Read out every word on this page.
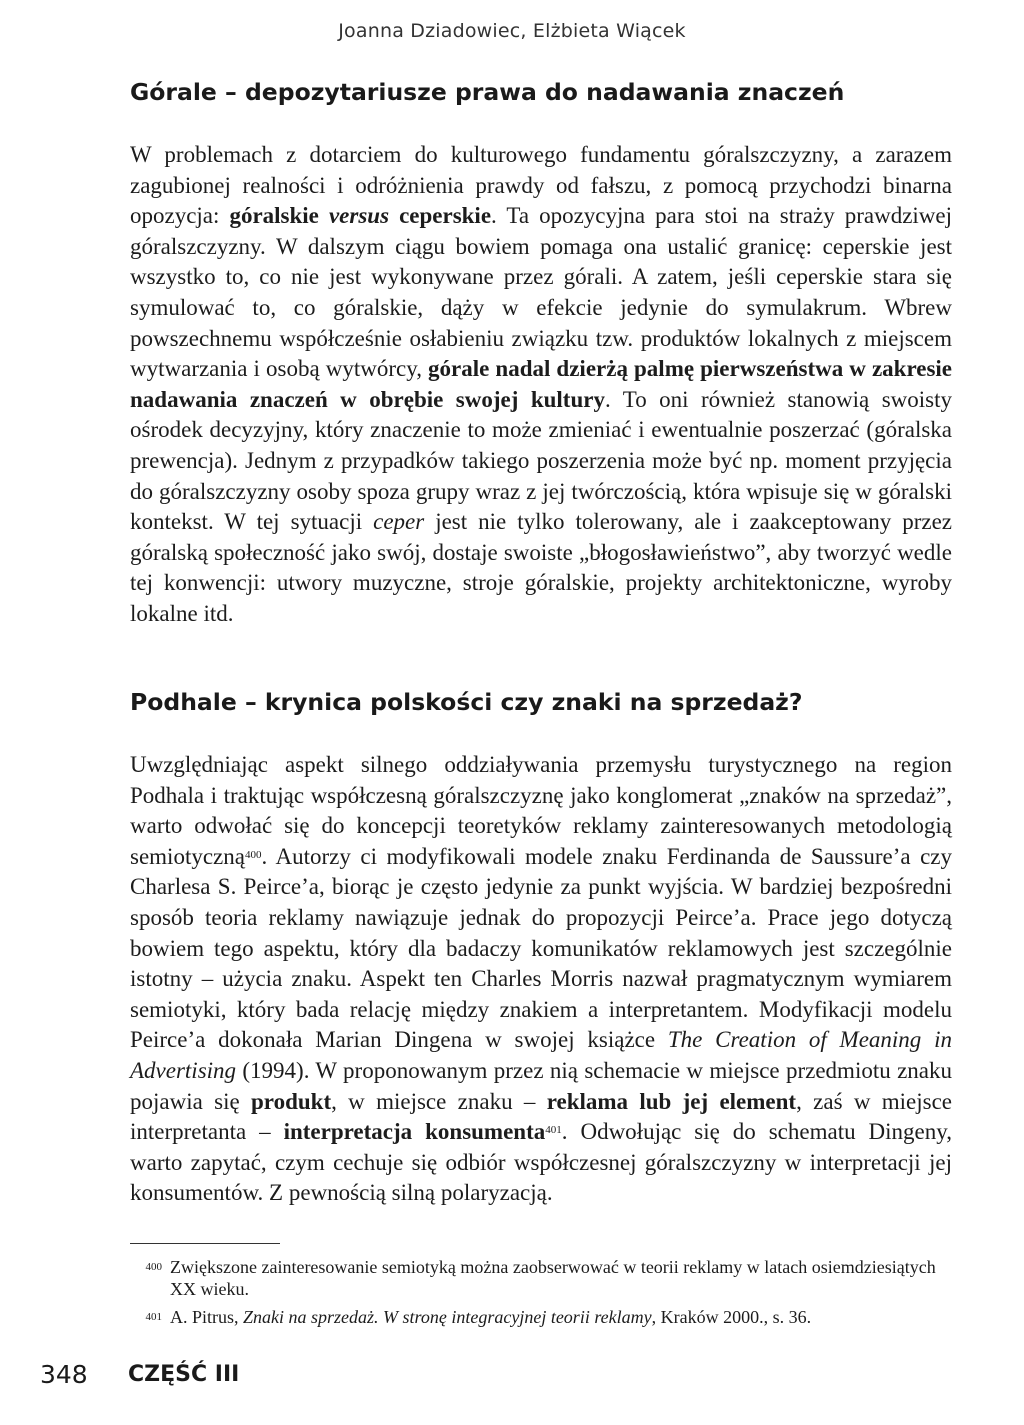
Joanna Dziadowiec, Elżbieta Wiącek
Górale – depozytariusze prawa do nadawania znaczeń

W problemach z dotarciem do kulturowego fundamentu góralszczyzny, a zarazem zagubionej realności i odróżnienia prawdy od fałszu, z pomocą przychodzi binarna opozycja: góralskie versus ceperskie. Ta opozycyjna para stoi na straży prawdziwej góralszczyzny. W dalszym ciągu bowiem pomaga ona ustalić granicę: ceperskie jest wszystko to, co nie jest wykonywane przez górali. A zatem, jeśli ceperskie stara się symulować to, co góralskie, dąży w efekcie jedynie do symulakrum. Wbrew powszechnemu współcześnie osłabieniu związku tzw. produktów lokalnych z miejscem wytwarzania i osobą wytwórcy, górale nadal dzierżą palmę pierwszeństwa w zakresie nadawania znaczeń w obrębie swojej kultury. To oni również stanowią swoisty ośrodek decyzyjny, który znaczenie to może zmieniać i ewentualnie poszerzać (góralska prewencja). Jednym z przypadków takiego poszerzenia może być np. moment przyjęcia do góralszczyzny osoby spoza grupy wraz z jej twórczością, która wpisuje się w góralski kontekst. W tej sytuacji ceper jest nie tylko tolerowany, ale i zaakceptowany przez góralską społeczność jako swój, dostaje swoiste „błogosławieństwo”, aby tworzyć wedle tej konwencji: utwory muzyczne, stroje góralskie, projekty architektoniczne, wyroby lokalne itd.

Podhale – krynica polskości czy znaki na sprzedaż?

Uwzględniając aspekt silnego oddziaływania przemysłu turystycznego na region Podhala i traktując współczesną góralszczyznę jako konglomerat „znaków na sprzedaż”, warto odwołać się do koncepcji teoretyków reklamy zainteresowanych metodologią semiotyczną$^{400}$. Autorzy ci modyfikowali modele znaku Ferdinanda de Saussure’a czy Charlesa S. Peirce’a, biorąc je często jedynie za punkt wyjścia. W bardziej bezpośredni sposób teoria reklamy nawiązuje jednak do propozycji Peirce’a. Prace jego dotyczą bowiem tego aspektu, który dla badaczy komunikatów reklamowych jest szczególnie istotny – użycia znaku. Aspekt ten Charles Morris nazwał pragmatycznym wymiarem semiotyki, który bada relację między znakiem a interpretantem. Modyfikacji modelu Peirce’a dokonała Marian Dingena w swojej książce The Creation of Meaning in Advertising (1994). W proponowanym przez nią schemacie w miejsce przedmiotu znaku pojawia się produkt, w miejsce znaku – reklama lub jej element, zaś w miejsce interpretanta – interpretacja konsumenta$^{401}$. Odwołując się do schematu Dingeny, warto zapytać, czym cechuje się odbiór współczesnej góralszczyzny w interpretacji jej konsumentów. Z pewnością silną polaryzacją.

400 Zwiększone zainteresowanie semiotyką można zaobserwować w teorii reklamy w latach osiemdziesiątych XX wieku.
401 A. Pitrus, Znaki na sprzedaż. W stronę integracyjnej teorii reklamy, Kraków 2000., s. 36.
348 CZĘŚĆ III
